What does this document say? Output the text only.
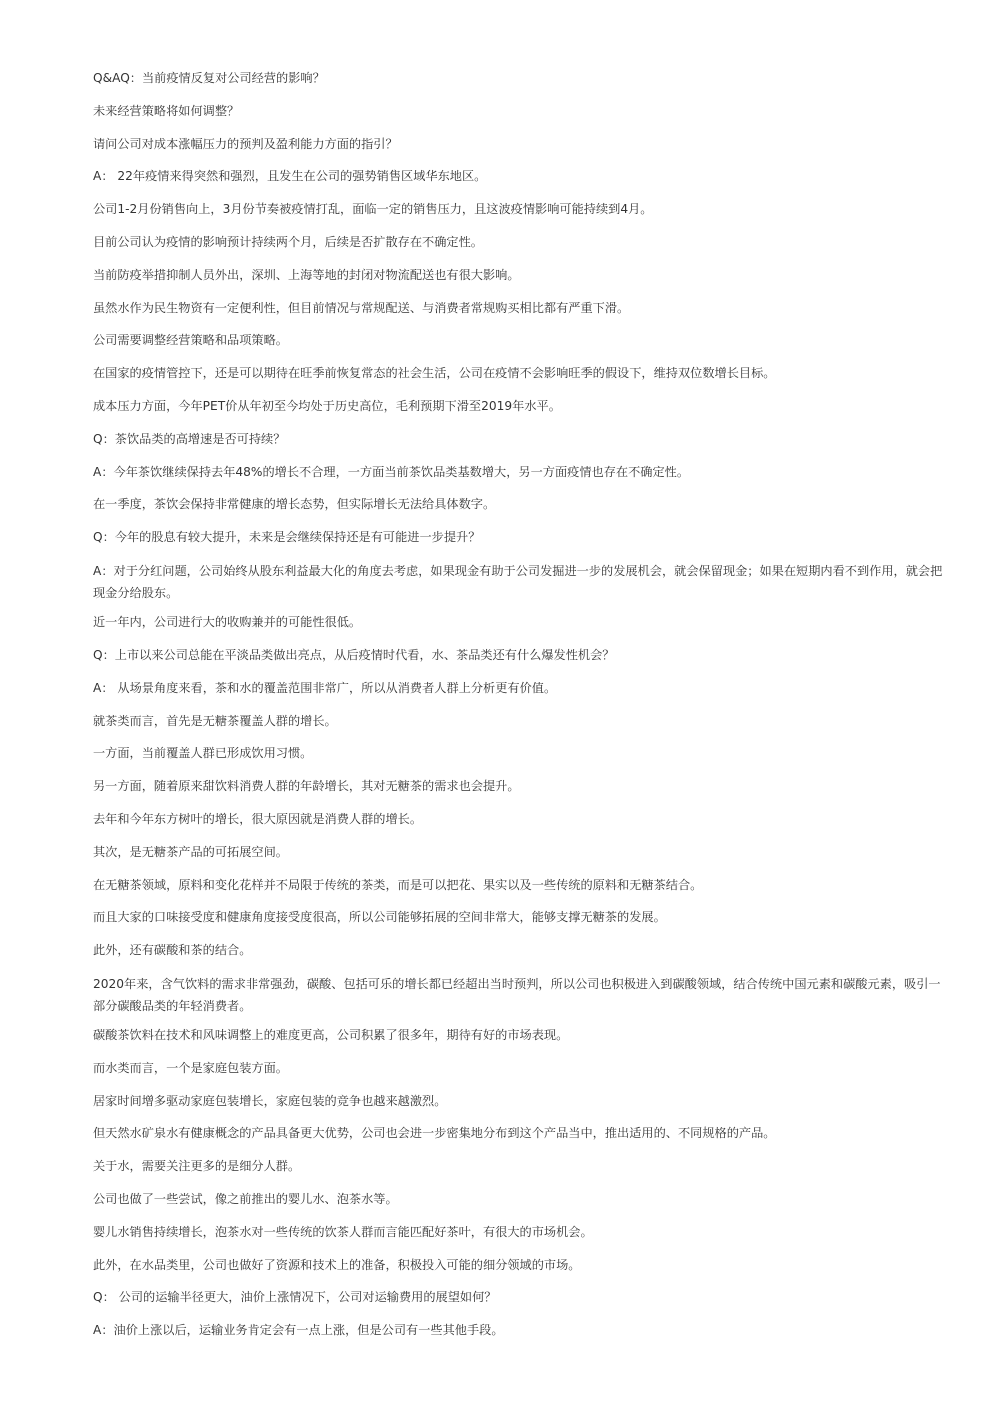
Q&AQ：当前疫情反复对公司经营的影响？

未来经营策略将如何调整？

请问公司对成本涨幅压力的预判及盈利能力方面的指引？

A： 22年疫情来得突然和强烈，且发生在公司的强势销售区域华东地区。

公司1-2月份销售向上，3月份节奏被疫情打乱，面临一定的销售压力，且这波疫情影响可能持续到4月。

目前公司认为疫情的影响预计持续两个月，后续是否扩散存在不确定性。

当前防疫举措抑制人员外出，深圳、上海等地的封闭对物流配送也有很大影响。

虽然水作为民生物资有一定便利性，但目前情况与常规配送、与消费者常规购买相比都有严重下滑。

公司需要调整经营策略和品项策略。

在国家的疫情管控下，还是可以期待在旺季前恢复常态的社会生活，公司在疫情不会影响旺季的假设下，维持双位数增长目标。

成本压力方面，今年PET价从年初至今均处于历史高位，毛利预期下滑至2019年水平。

Q：茶饮品类的高增速是否可持续？

A：今年茶饮继续保持去年48%的增长不合理，一方面当前茶饮品类基数增大，另一方面疫情也存在不确定性。

在一季度，茶饮会保持非常健康的增长态势，但实际增长无法给具体数字。

Q：今年的股息有较大提升，未来是会继续保持还是有可能进一步提升？

A：对于分红问题，公司始终从股东利益最大化的角度去考虑，如果现金有助于公司发掘进一步的发展机会，就会保留现金；如果在短期内看不到作用，就会把现金分给股东。

近一年内，公司进行大的收购兼并的可能性很低。

Q：上市以来公司总能在平淡品类做出亮点，从后疫情时代看，水、茶品类还有什么爆发性机会？

A： 从场景角度来看，茶和水的覆盖范围非常广，所以从消费者人群上分析更有价值。

就茶类而言，首先是无糖茶覆盖人群的增长。

一方面，当前覆盖人群已形成饮用习惯。

另一方面，随着原来甜饮料消费人群的年龄增长，其对无糖茶的需求也会提升。

去年和今年东方树叶的增长，很大原因就是消费人群的增长。

其次，是无糖茶产品的可拓展空间。

在无糖茶领域，原料和变化花样并不局限于传统的茶类，而是可以把花、果实以及一些传统的原料和无糖茶结合。

而且大家的口味接受度和健康角度接受度很高，所以公司能够拓展的空间非常大，能够支撑无糖茶的发展。

此外，还有碳酸和茶的结合。

2020年来，含气饮料的需求非常强劲，碳酸、包括可乐的增长都已经超出当时预判，所以公司也积极进入到碳酸领域，结合传统中国元素和碳酸元素，吸引一部分碳酸品类的年轻消费者。

碳酸茶饮料在技术和风味调整上的难度更高，公司积累了很多年，期待有好的市场表现。

而水类而言，一个是家庭包装方面。

居家时间增多驱动家庭包装增长，家庭包装的竞争也越来越激烈。

但天然水矿泉水有健康概念的产品具备更大优势，公司也会进一步密集地分布到这个产品当中，推出适用的、不同规格的产品。

关于水，需要关注更多的是细分人群。

公司也做了一些尝试，像之前推出的婴儿水、泡茶水等。

婴儿水销售持续增长，泡茶水对一些传统的饮茶人群而言能匹配好茶叶，有很大的市场机会。

此外，在水品类里，公司也做好了资源和技术上的准备，积极投入可能的细分领域的市场。

Q： 公司的运输半径更大，油价上涨情况下，公司对运输费用的展望如何？

A：油价上涨以后，运输业务肯定会有一点上涨，但是公司有一些其他手段。
